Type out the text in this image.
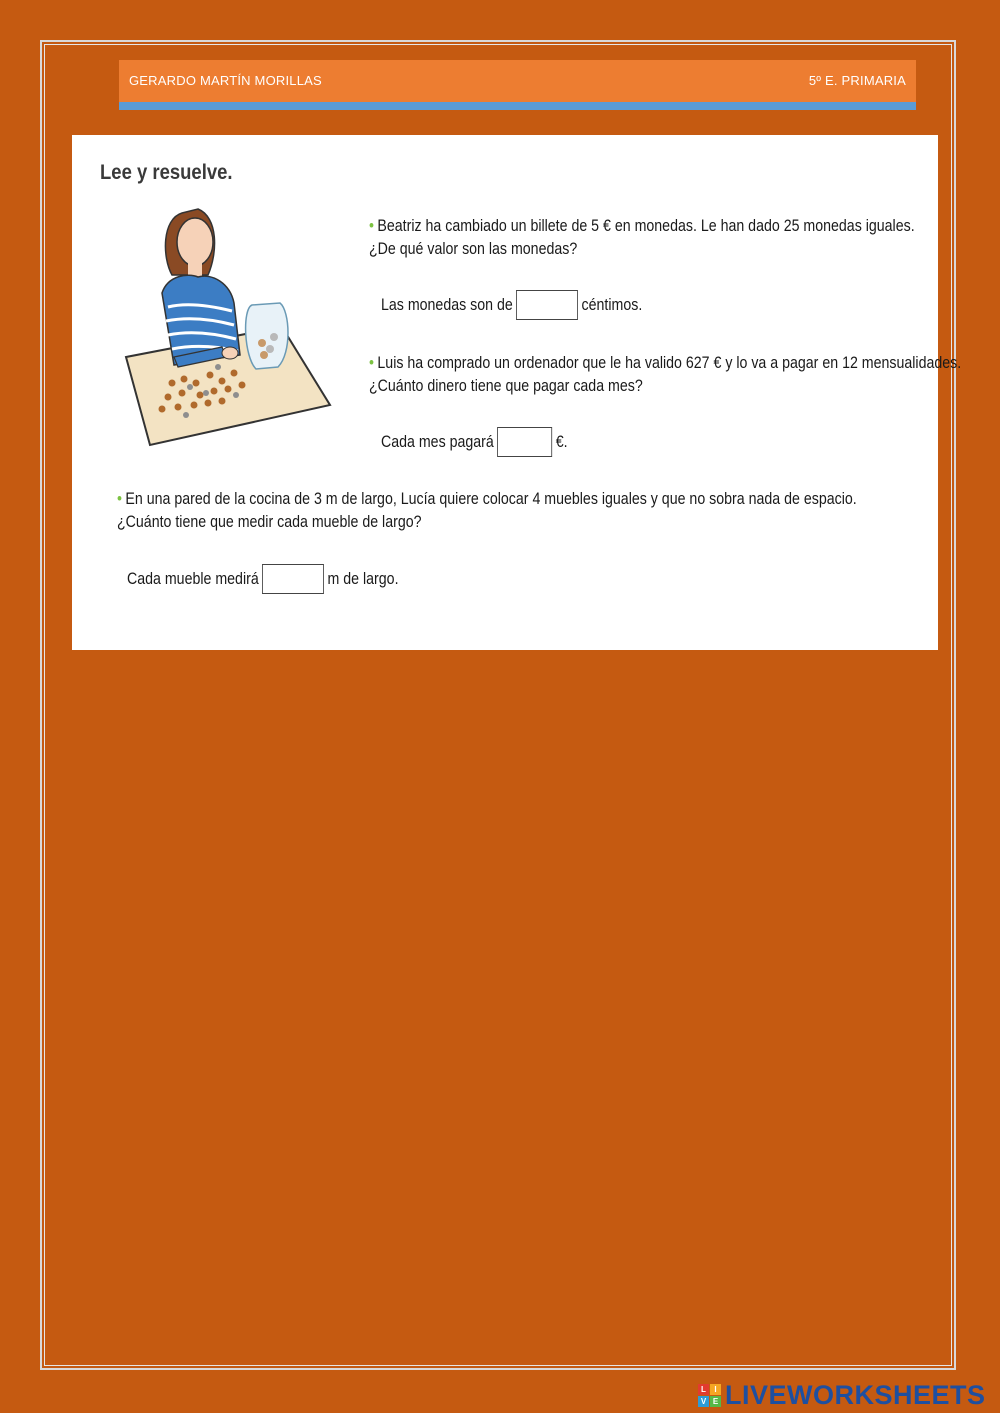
GERARDO MARTÍN MORILLAS	5º E. PRIMARIA
Lee y resuelve.
• Beatriz ha cambiado un billete de 5 € en monedas. Le han dado 25 monedas iguales.
¿De qué valor son las monedas?
Las monedas son de	céntimos.
• Luis ha comprado un ordenador que le ha valido 627 € y lo va a pagar en 12 mensualidades.
¿Cuánto dinero tiene que pagar cada mes?
Cada mes pagará	€.
• En una pared de la cocina de 3 m de largo, Lucía quiere colocar 4 muebles iguales y que no sobra nada de espacio.
¿Cuánto tiene que medir cada mueble de largo?
Cada mueble medirá	m de largo.
L	I
V E LIVEWORKSHEETS
